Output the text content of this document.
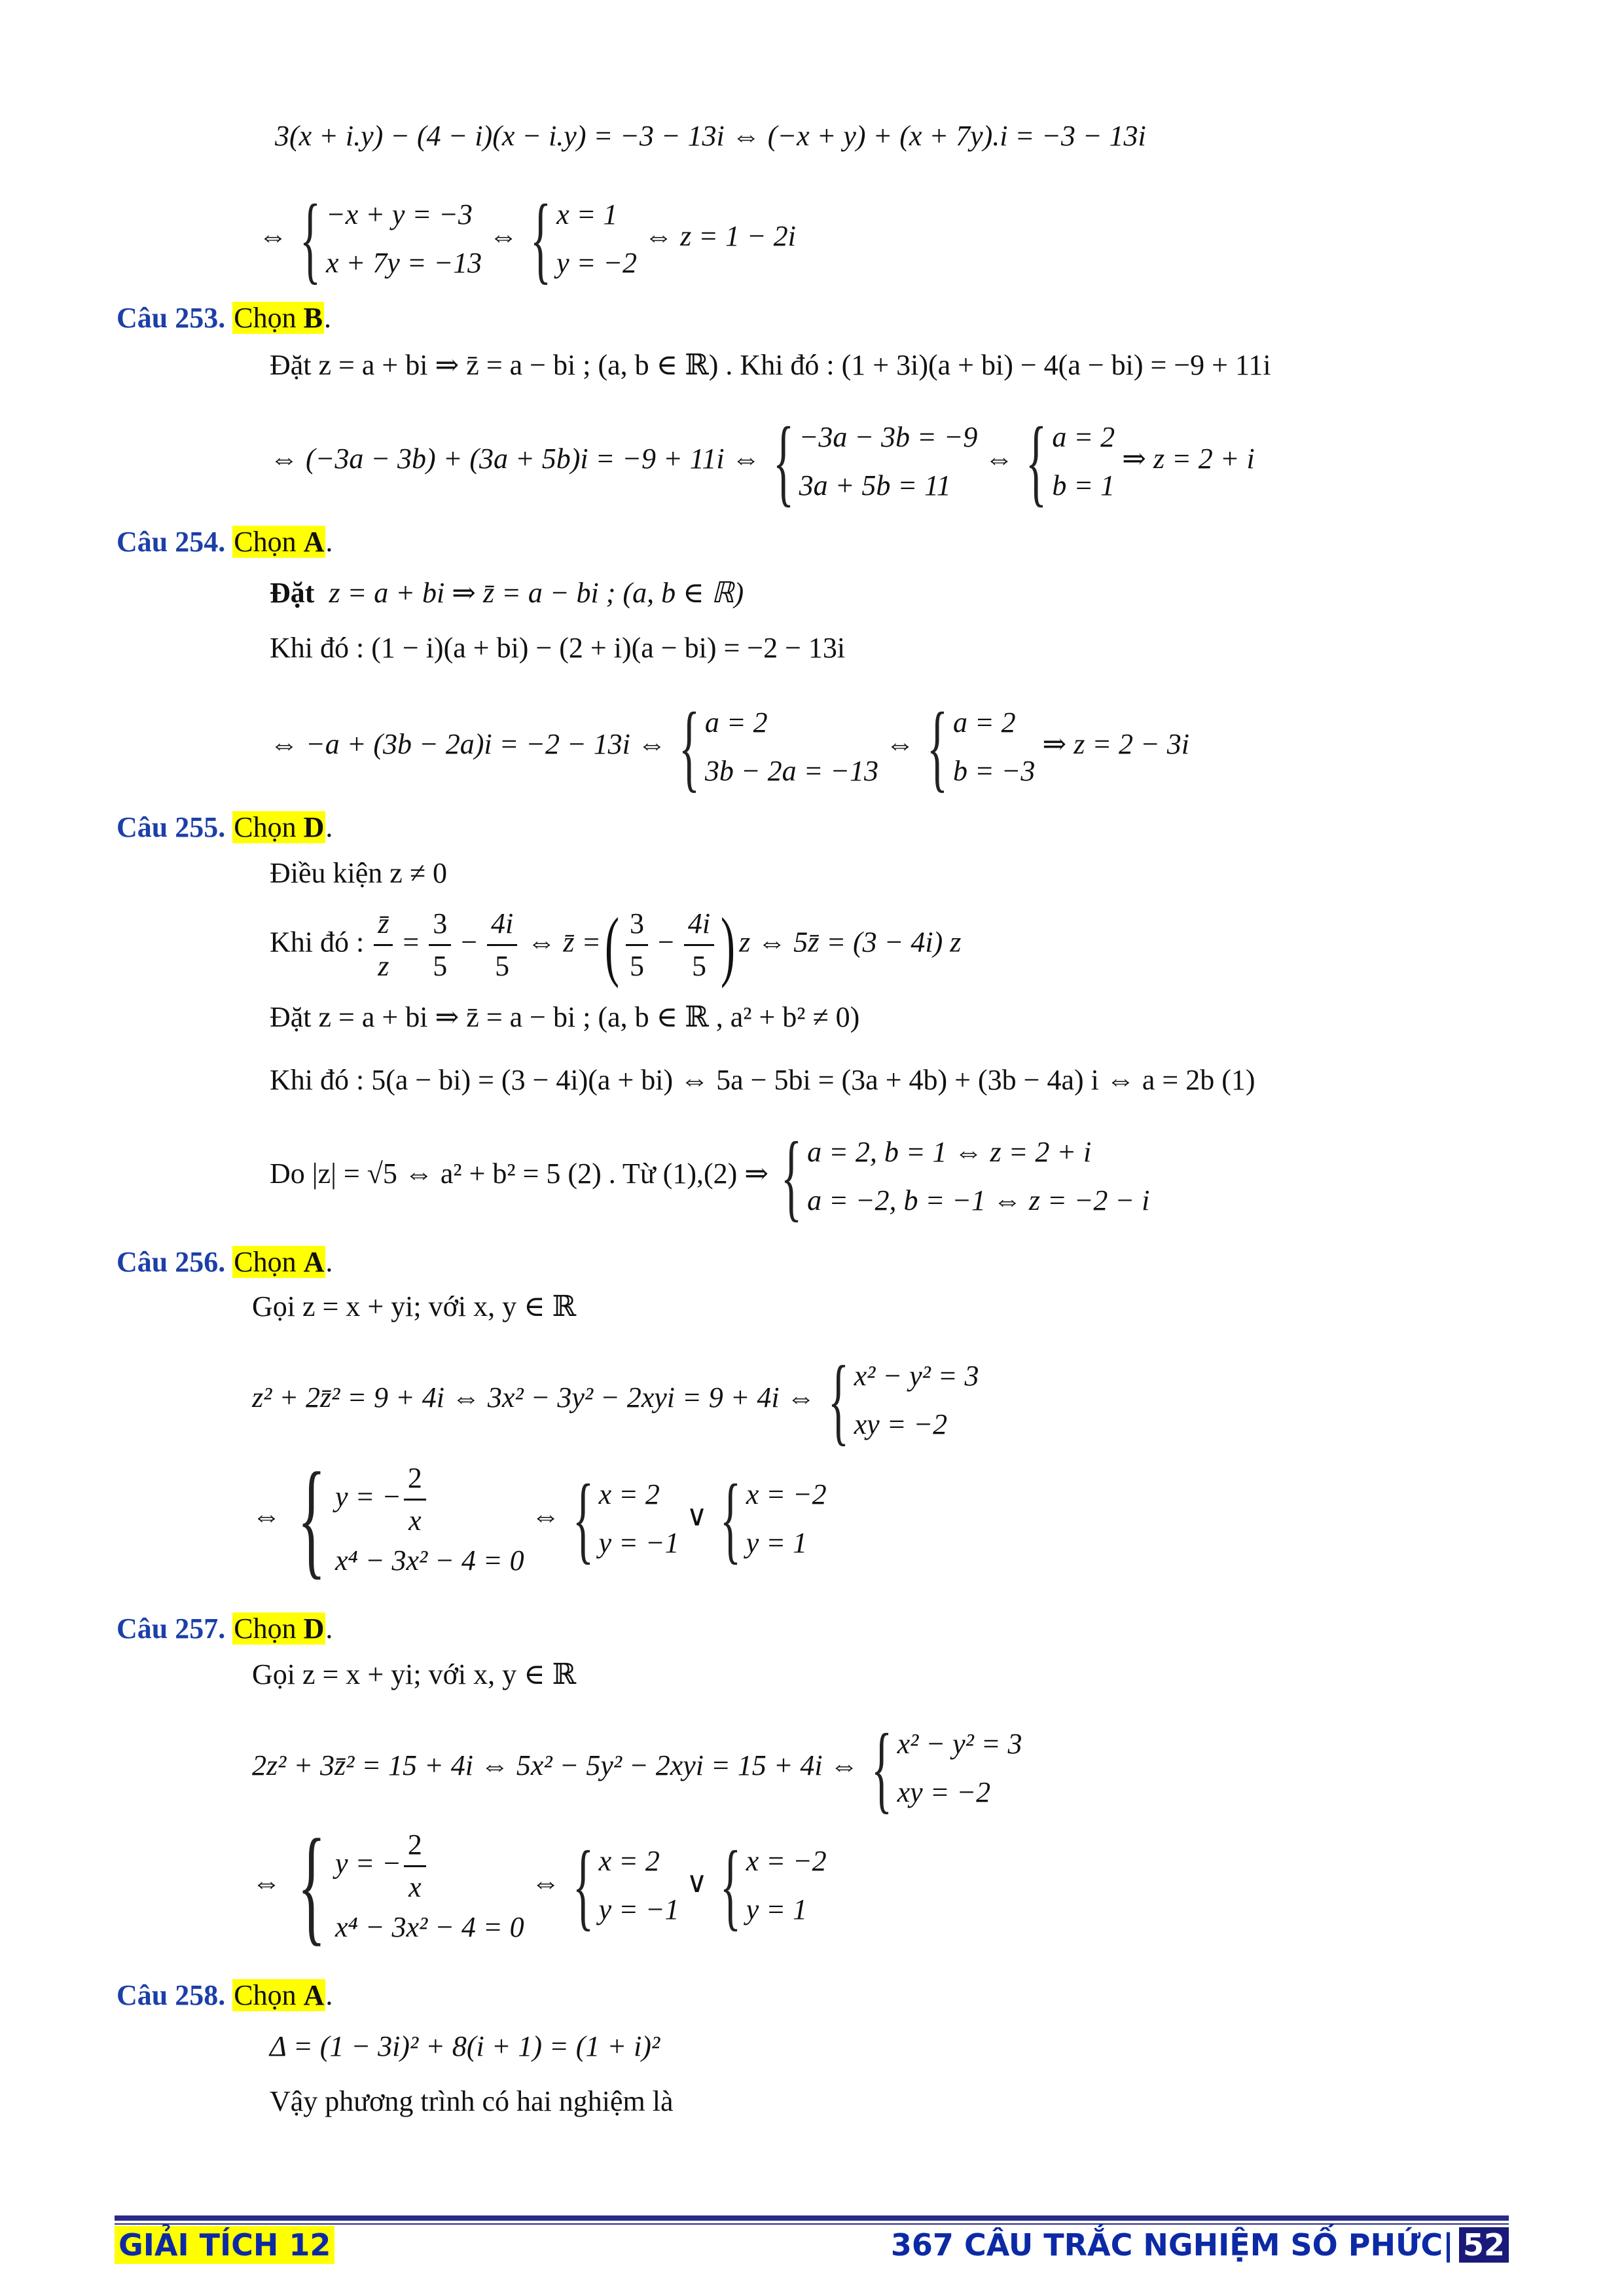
3(x + i.y) − (4 − i)(x − i.y) = −3 − 13i ⇔ (−x + y) + (x + 7y).i = −3 − 13i
⇔ { −x + y = −3
x + 7y = −13
⇔ { x = 1
y = −2
⇔ z = 1 − 2i
Câu 253. Chọn B.
Đặt z = a + bi ⇒ z̄ = a − bi ; (a, b ∈ ℝ) . Khi đó : (1 + 3i)(a + bi) − 4(a − bi) = −9 + 11i
⇔ (−3a − 3b) + (3a + 5b)i = −9 + 11i ⇔ { −3a − 3b = −9
3a + 5b = 11
⇔ { a = 2
b = 1
⇒ z = 2 + i
Câu 254. Chọn A.
Đặt z = a + bi ⇒ z̄ = a − bi ; (a, b ∈ ℝ)
Khi đó : (1 − i)(a + bi) − (2 + i)(a − bi) = −2 − 13i
⇔ −a + (3b − 2a)i = −2 − 13i ⇔ { a = 2
3b − 2a = −13
⇔ { a = 2
b = −3
⇒ z = 2 − 3i
Câu 255. Chọn D.
Điều kiện z ≠ 0
Khi đó : $\frac{z̄}{z} = \frac{3}{5} - \frac{4i}{5}$ ⇔ z̄ = ( $\frac{3}{5} - \frac{4i}{5}$ ) z ⇔ 5z̄ = (3 − 4i) z
Đặt z = a + bi ⇒ z̄ = a − bi ; (a, b ∈ ℝ , a² + b² ≠ 0)
Khi đó : 5(a − bi) = (3 − 4i)(a + bi) ⇔ 5a − 5bi = (3a + 4b) + (3b − 4a) i ⇔ a = 2b (1)
Do |z| = √5 ⇔ a² + b² = 5 (2) . Từ (1),(2) ⇒ { a = 2, b = 1 ⇔ z = 2 + i
a = −2, b = −1 ⇔ z = −2 − i
Câu 256. Chọn A.
Gọi z = x + yi; với x, y ∈ ℝ
z² + 2z̄² = 9 + 4i ⇔ 3x² − 3y² − 2xyi = 9 + 4i ⇔ { x² − y² = 3
xy = −2
⇔ { y = − $\frac{2}{x}$
x⁴ − 3x² − 4 = 0
⇔ { x = 2
y = −1
∨ { x = −2
y = 1
Câu 257. Chọn D.
Gọi z = x + yi; với x, y ∈ ℝ
2z² + 3z̄² = 15 + 4i ⇔ 5x² − 5y² − 2xyi = 15 + 4i ⇔ { x² − y² = 3
xy = −2
⇔ { y = − $\frac{2}{x}$
x⁴ − 3x² − 4 = 0
⇔ { x = 2
y = −1
∨ { x = −2
y = 1
Câu 258. Chọn A.
Δ = (1 − 3i)² + 8(i + 1) = (1 + i)²
Vậy phương trình có hai nghiệm là
GIẢI TÍCH 12	367 CÂU TRẮC NGHIỆM SỐ PHỨC| 52
